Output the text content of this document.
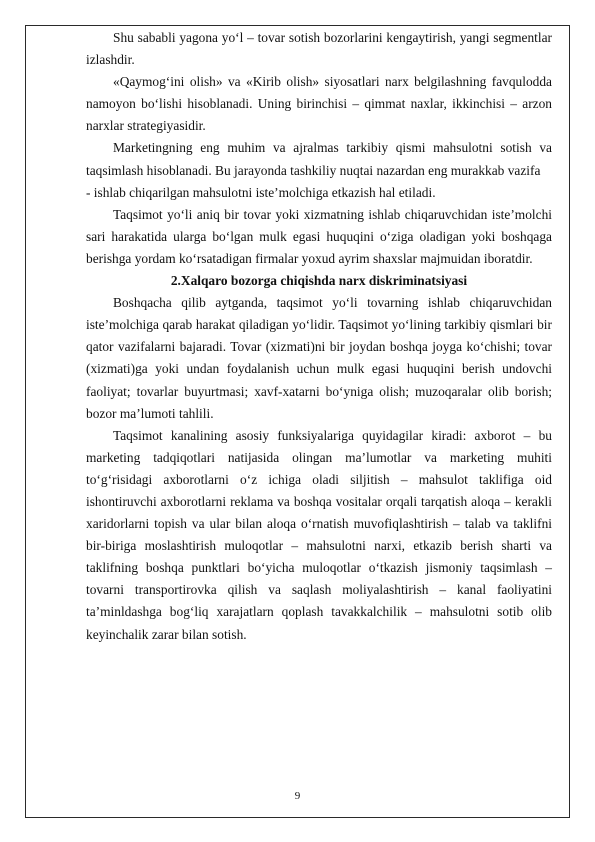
Shu sababli yagona yo‘l – tovar sotish bozorlarini kengaytirish, yangi segmentlar izlashdir.

«Qaymog‘ini olish» va «Kirib olish» siyosatlari narx belgilashning favqulodda namoyon bo‘lishi hisoblanadi. Uning birinchisi – qimmat naxlar, ikkinchisi – arzon narxlar strategiyasidir.

Marketingning eng muhim va ajralmas tarkibiy qismi mahsulotni sotish va taqsimlash hisoblanadi. Bu jarayonda tashkiliy nuqtai nazardan eng murakkab vazifa

- ishlab chiqarilgan mahsulotni iste’molchiga etkazish hal etiladi.

Taqsimot yo‘li aniq bir tovar yoki xizmatning ishlab chiqaruvchidan iste’molchi sari harakatida ularga bo‘lgan mulk egasi huquqini o‘ziga oladigan yoki boshqaga berishga yordam ko‘rsatadigan firmalar yoxud ayrim shaxslar majmuidan iboratdir.

2.Xalqaro bozorga chiqishda narx diskriminatsiyasi

Boshqacha qilib aytganda, taqsimot yo‘li tovarning ishlab chiqaruvchidan iste’molchiga qarab harakat qiladigan yo‘lidir. Taqsimot yo‘lining tarkibiy qismlari bir qator vazifalarni bajaradi. Tovar (xizmati)ni bir joydan boshqa joyga ko‘chishi; tovar (xizmati)ga yoki undan foydalanish uchun mulk egasi huquqini berish undovchi faoliyat; tovarlar buyurtmasi; xavf-xatarni bo‘yniga olish; muzoqaralar olib borish; bozor ma’lumoti tahlili.

Taqsimot kanalining asosiy funksiyalariga quyidagilar kiradi: axborot – bu marketing tadqiqotlari natijasida olingan ma’lumotlar va marketing muhiti to‘g‘risidagi axborotlarni o‘z ichiga oladi siljitish – mahsulot taklifiga oid ishontiruvchi axborotlarni reklama va boshqa vositalar orqali tarqatish aloqa – kerakli xaridorlarni topish va ular bilan aloqa o‘rnatish muvofiqlashtirish – talab va taklifni bir-biriga moslashtirish muloqotlar – mahsulotni narxi, etkazib berish sharti va taklifning boshqa punktlari bo‘yicha muloqotlar o‘tkazish jismoniy taqsimlash – tovarni transportirovka qilish va saqlash moliyalashtirish – kanal faoliyatini ta’minldashga bog‘liq xarajatlarn qoplash tavakkalchilik – mahsulotni sotib olib keyinchalik zarar bilan sotish.

9
